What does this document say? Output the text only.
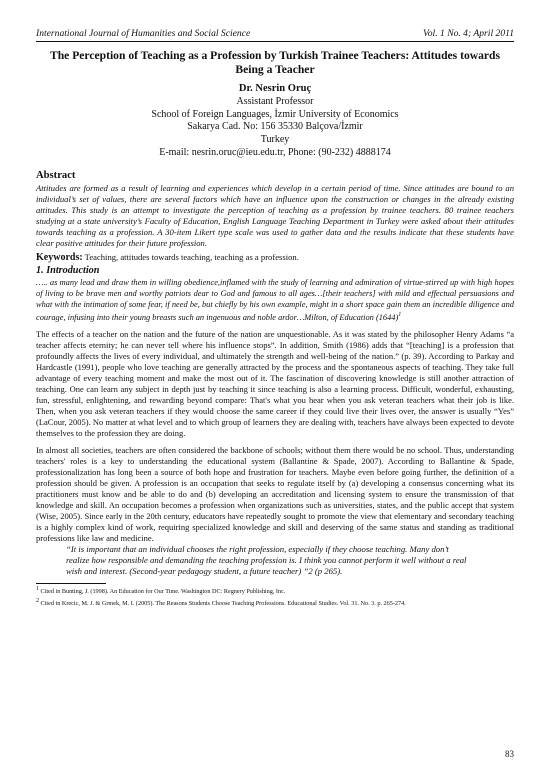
International Journal of Humanities and Social Science	Vol. 1 No. 4; April 2011
The Perception of Teaching as a Profession by Turkish Trainee Teachers: Attitudes towards Being a Teacher
Dr. Nesrin Oruç
Assistant Professor
School of Foreign Languages, İzmir University of Economics
Sakarya Cad. No: 156 35330 Balçova/İzmir
Turkey
E-mail: nesrin.oruc@ieu.edu.tr, Phone: (90-232) 4888174
Abstract

Attitudes are formed as a result of learning and experiences which develop in a certain period of time. Since attitudes are bound to an individual’s set of values, there are several factors which have an influence upon the construction or changes in the already existing attitudes. This study is an attempt to investigate the perception of teaching as a profession by trainee teachers. 80 trainee teachers studying at a state university’s Faculty of Education, English Language Teaching Department in Turkey were asked about their attitudes towards teaching as a profession. A 30-item Likert type scale was used to gather data and the results indicate that these students have clear positive attitudes for their future profession.

Keywords: Teaching, attitudes towards teaching, teaching as a profession.

1. Introduction

….. as many lead and draw them in willing obedience,inflamed with the study of learning and admiration of virtue-stirred up with high hopes of living to be brave men and worthy patriots dear to God and famous to all ages…[their teachers] with mild and effectual persuasions and what with the intimation of some fear, if need be, but chiefly by his own example, might in a short space gain them an incredible diligence and courage, infusing into their young breasts such an ingenuous and noble ardor…Milton, of Education $(1644)^1$

The effects of a teacher on the nation and the future of the nation are unquestionable. As it was stated by the philosopher Henry Adams “a teacher affects eternity; he can never tell where his influence stops”. In addition, Smith (1986) adds that “[teaching] is a profession that profoundly affects the lives of every individual, and ultimately the strength and well-being of the nation.” (p. 39). According to Parkay and Hardcastle (1991), people who love teaching are generally attracted by the process and the spontaneous aspects of teaching. They take full advantage of every teaching moment and make the most out of it. The fascination of discovering knowledge is still another attraction of teaching. One can learn any subject in depth just by teaching it since teaching is also a learning process. Difficult, wonderful, exhausting, fun, stressful, enlightening, and rewarding beyond compare: That's what you hear when you ask veteran teachers what their job is like. Then, when you ask veteran teachers if they would choose the same career if they could live their lives over, the answer is usually “Yes” (LaCour, 2005). No matter at what level and to which group of learners they are dealing with, teachers have always been expected to devote themselves to the profession they are doing.

In almost all societies, teachers are often considered the backbone of schools; without them there would be no school. Thus, understanding teachers' roles is a key to understanding the educational system (Ballantine & Spade, 2007). According to Ballantine & Spade, professionalization has long been a source of both hope and frustration for teachers. Maybe even before going further, the definition of a profession should be given. A profession is an occupation that seeks to regulate itself by (a) developing a consensus concerning what its practitioners must know and be able to do and (b) developing an accreditation and licensing system to ensure the transmission of that knowledge and skill. An occupation becomes a profession when organizations such as universities, states, and the public accept that system (Wise, 2005). Since early in the 20th century, educators have repeatedly sought to promote the view that elementary and secondary teaching is a highly complex kind of work, requiring specialized knowledge and skill and deserving of the same status and standing as traditional professions like law and medicine.

“It is important that an individual chooses the right profession, especially if they choose teaching. Many don’t realize how responsible and demanding the teaching profession is. I think you cannot perform it well without a real wish and interest. (Second-year pedagogy student, a future teacher) ”2 (p 265).

$^1$ Cited in Bunting, J. (1998). An Education for Our Time. Washington DC: Regnery Publishing, Inc.

$^2$ Cited in Krecic, M. J. & Grmek, M. I. (2005). The Reasons Students Choose Teaching Professions. Educational Studies. Vol. 31. No. 3. p. 265-274.

83
